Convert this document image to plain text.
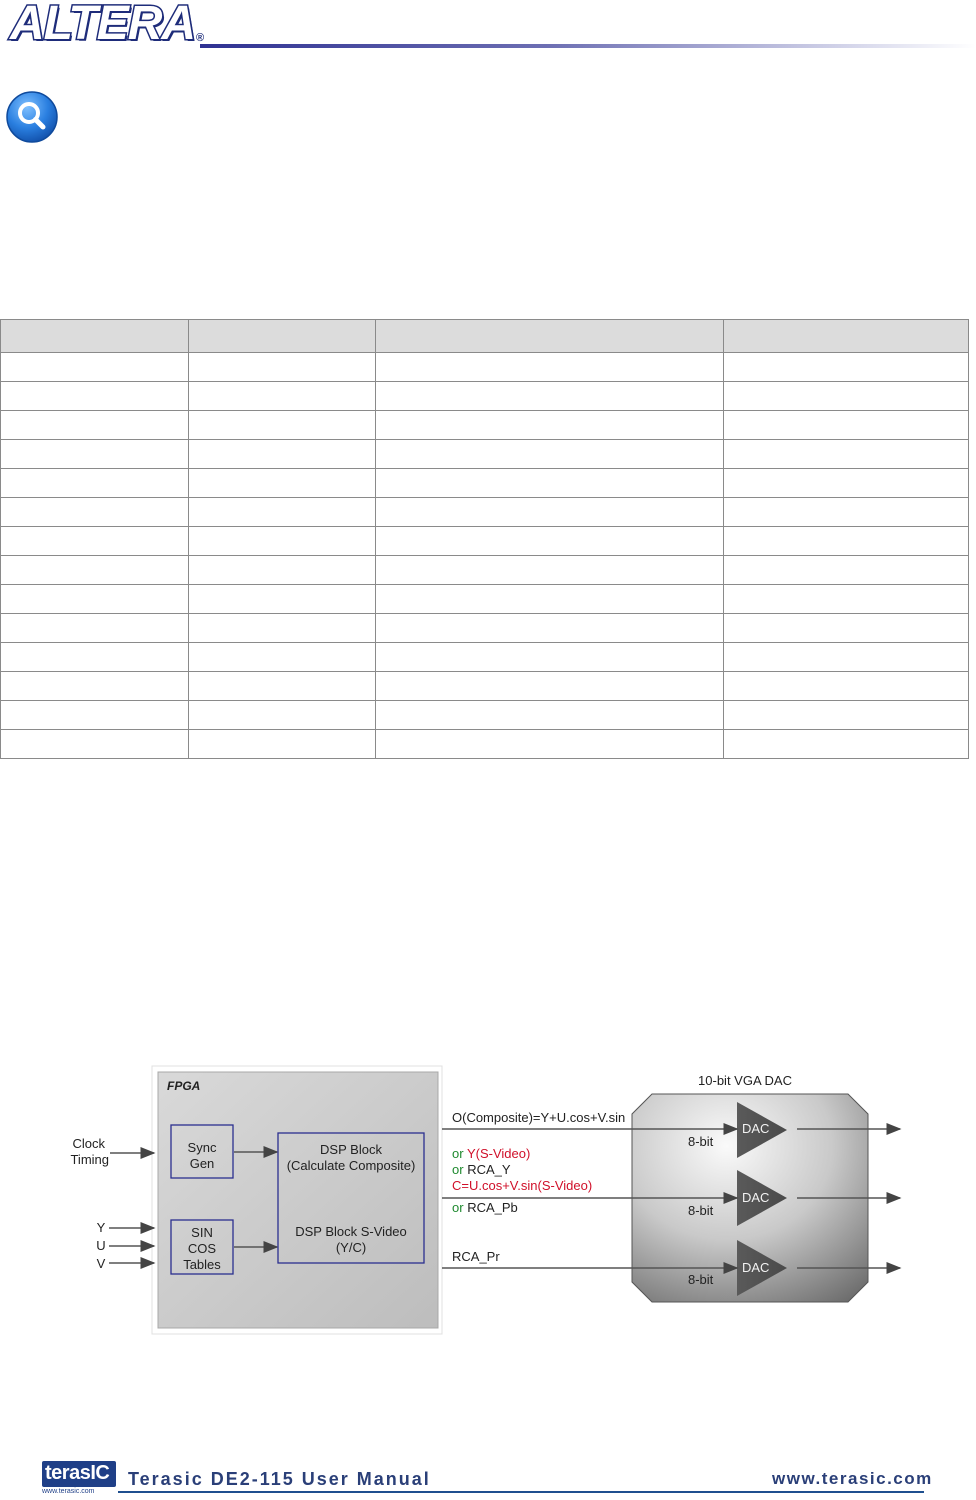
ALTERA ®

FPGA
Clock
Timing
Y
U
V
Sync
Gen
SIN
COS
Tables
DSP Block
(Calculate Composite)
DSP Block S-Video
(Y/C)
10-bit VGA DAC
DAC
DAC
DAC
O(Composite)=Y+U.cos+V.sin
or Y(S-Video)
or RCA_Y
C=U.cos+V.sin(S-Video)
or RCA_Pb
RCA_Pr
8-bit
8-bit
8-bit
terasIC
www.terasic.com
Terasic DE2-115 User Manual	www.terasic.com
